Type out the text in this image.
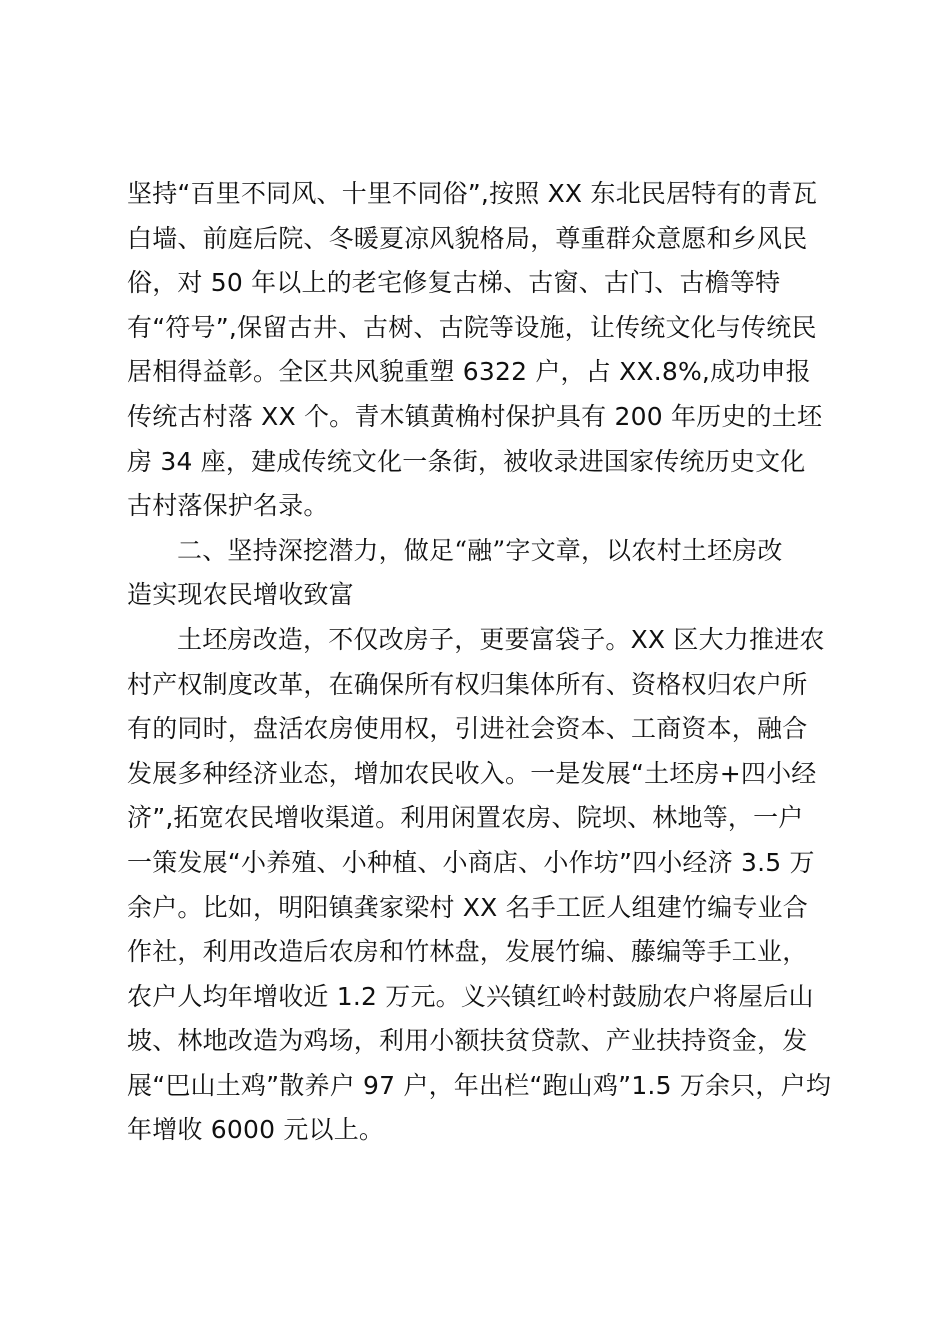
坚持“百里不同风、十里不同俗”,按照 XX 东北民居特有的青瓦
白墙、前庭后院、冬暖夏凉风貌格局，尊重群众意愿和乡风民
俗，对 50 年以上的老宅修复古梯、古窗、古门、古檐等特
有“符号”,保留古井、古树、古院等设施，让传统文化与传统民
居相得益彰。全区共风貌重塑 6322 户，占 XX.8%,成功申报
传统古村落 XX 个。青木镇黄桷村保护具有 200 年历史的土坯
房 34 座，建成传统文化一条街，被收录进国家传统历史文化
古村落保护名录。
二、坚持深挖潜力，做足“融”字文章，以农村土坯房改
造实现农民增收致富
土坯房改造，不仅改房子，更要富袋子。XX 区大力推进农
村产权制度改革，在确保所有权归集体所有、资格权归农户所
有的同时，盘活农房使用权，引进社会资本、工商资本，融合
发展多种经济业态，增加农民收入。一是发展“土坯房+四小经
济”,拓宽农民增收渠道。利用闲置农房、院坝、林地等，一户
一策发展“小养殖、小种植、小商店、小作坊”四小经济 3.5 万
余户。比如，明阳镇龚家梁村 XX 名手工匠人组建竹编专业合
作社，利用改造后农房和竹林盘，发展竹编、藤编等手工业，
农户人均年增收近 1.2 万元。义兴镇红岭村鼓励农户将屋后山
坡、林地改造为鸡场，利用小额扶贫贷款、产业扶持资金，发
展“巴山土鸡”散养户 97 户，年出栏“跑山鸡”1.5 万余只，户均
年增收 6000 元以上。
